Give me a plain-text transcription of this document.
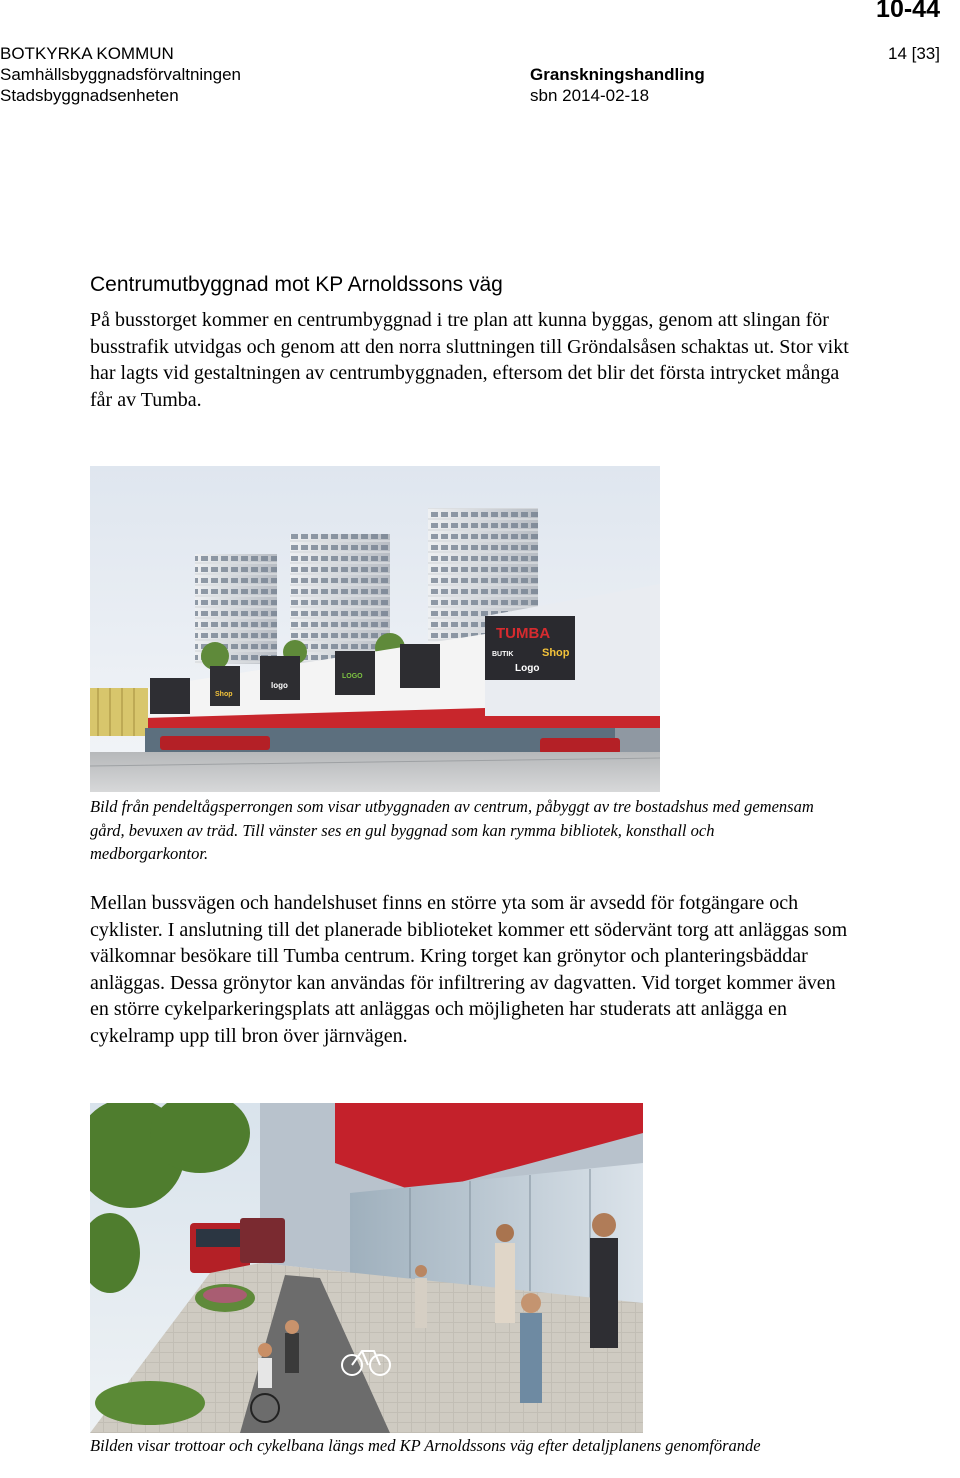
10-44
BOTKYRKA KOMMUN
Samhällsbyggnadsförvaltningen
Stadsbyggnadsenheten
Granskningshandling
sbn 2014-02-18
14 [33]
Centrumutbyggnad mot KP Arnoldssons väg

På busstorget kommer en centrumbyggnad i tre plan att kunna byggas, genom att slingan för busstrafik utvidgas och genom att den norra sluttningen till Gröndalsåsen schaktas ut. Stor vikt har lagts vid gestaltningen av centrumbyggnaden, eftersom det blir det första intrycket många får av Tumba.

TUMBA
Shop
Logo
BUTIK
logo
Shop
LOGO

Bild från pendeltågsperrongen som visar utbyggnaden av centrum, påbyggt av tre bostadshus med gemensam gård, bevuxen av träd. Till vänster ses en gul byggnad som kan rymma bibliotek, konsthall och medborgarkontor.

Mellan bussvägen och handelshuset finns en större yta som är avsedd för fotgängare och cyklister. I anslutning till det planerade biblioteket kommer ett södervänt torg att anläggas som välkomnar besökare till Tumba centrum. Kring torget kan grönytor och planteringsbäddar anläggas. Dessa grönytor kan användas för infiltrering av dagvatten. Vid torget kommer även en större cykelparkeringsplats att anläggas och möjligheten har studerats att anlägga en cykelramp upp till bron över järnvägen.

Bilden visar trottoar och cykelbana längs med KP Arnoldssons väg efter detaljplanens genomförande
